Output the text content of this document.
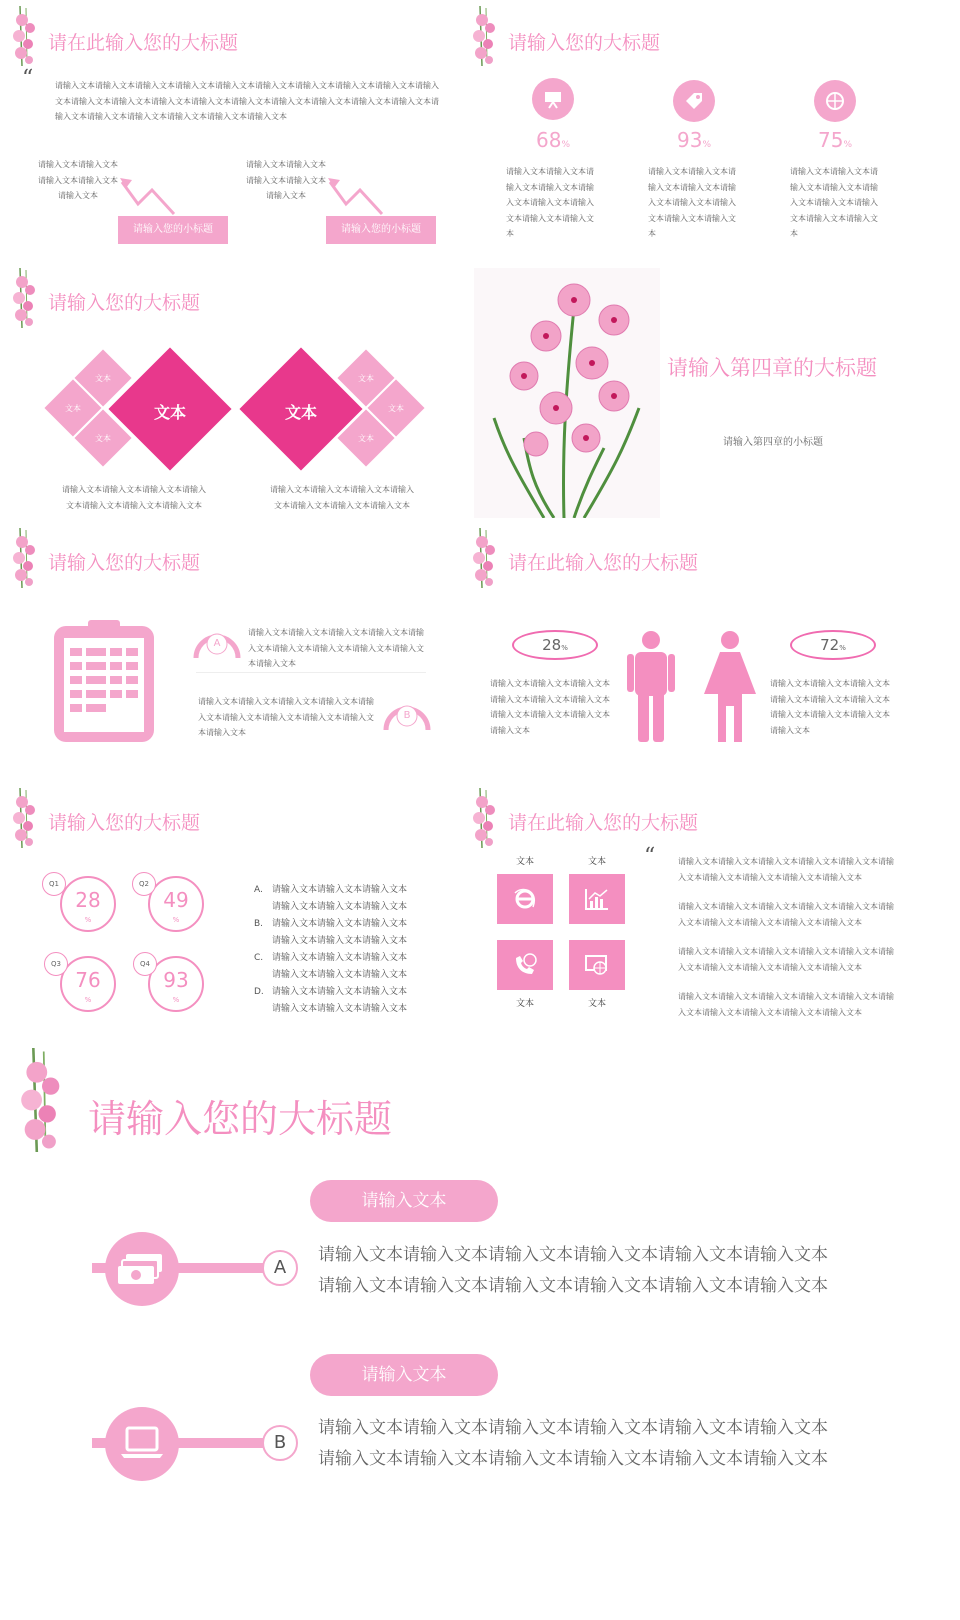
请在此输入您的大标题
“	请输入文本请输入文本请输入文本请输入文本请输入文本请输入文本请输入文本请输入文本请输入文本请输入文本请输入文本请输入文本请输入文本请输入文本请输入文本请输入文本请输入文本请输入文本请输入文本请输入文本请输入文本请输入文本请输入文本请输入文本请输入文本
请输入文本请输入文本请输入文本请输入文本请输入文本
请输入文本请输入文本请输入文本请输入文本请输入文本
请输入您的小标题	请输入您的小标题
请输入您的大标题
68%
请输入文本请输入文本请输入文本请输入文本请输入文本请输入文本请输入文本请输入文本请输入文本
93%
请输入文本请输入文本请输入文本请输入文本请输入文本请输入文本请输入文本请输入文本请输入文本
75%
请输入文本请输入文本请输入文本请输入文本请输入文本请输入文本请输入文本请输入文本请输入文本
请输入您的大标题
文本
文本
文本
文本
文本
文本
文本	文本
请输入文本请输入文本请输入文本请输入文本请输入文本请输入文本请输入文本
请输入文本请输入文本请输入文本请输入文本请输入文本请输入文本请输入文本
请输入第四章的大标题
请输入第四章的小标题
请输入您的大标题
A
请输入文本请输入文本请输入文本请输入文本请输入文本请输入文本请输入文本请输入文本请输入文本请输入文本
请输入文本请输入文本请输入文本请输入文本请输入文本请输入文本请输入文本请输入文本请输入文本请输入文本
B
请在此输入您的大标题
28%
请输入文本请输入文本请输入文本请输入文本请输入文本请输入文本请输入文本请输入文本请输入文本请输入文本
72%
请输入文本请输入文本请输入文本请输入文本请输入文本请输入文本请输入文本请输入文本请输入文本请输入文本
请输入您的大标题
Q1
28
%
Q2
49
%
Q3
76
%
Q4
93
%
A. 请输入文本请输入文本请输入文本
请输入文本请输入文本请输入文本
B. 请输入文本请输入文本请输入文本
请输入文本请输入文本请输入文本
C. 请输入文本请输入文本请输入文本
请输入文本请输入文本请输入文本
D. 请输入文本请输入文本请输入文本
请输入文本请输入文本请输入文本
请在此输入您的大标题
文本	文本
文本	文本
“	请输入文本请输入文本请输入文本请输入文本请输入文本请输入文本请输入文本请输入文本请输入文本请输入文本
请输入文本请输入文本请输入文本请输入文本请输入文本请输入文本请输入文本请输入文本请输入文本请输入文本
请输入文本请输入文本请输入文本请输入文本请输入文本请输入文本请输入文本请输入文本请输入文本请输入文本
请输入文本请输入文本请输入文本请输入文本请输入文本请输入文本请输入文本请输入文本请输入文本请输入文本
请输入您的大标题
请输入文本
A
请输入文本请输入文本请输入文本请输入文本请输入文本请输入文本
请输入文本请输入文本请输入文本请输入文本请输入文本请输入文本
请输入文本
B
请输入文本请输入文本请输入文本请输入文本请输入文本请输入文本
请输入文本请输入文本请输入文本请输入文本请输入文本请输入文本
